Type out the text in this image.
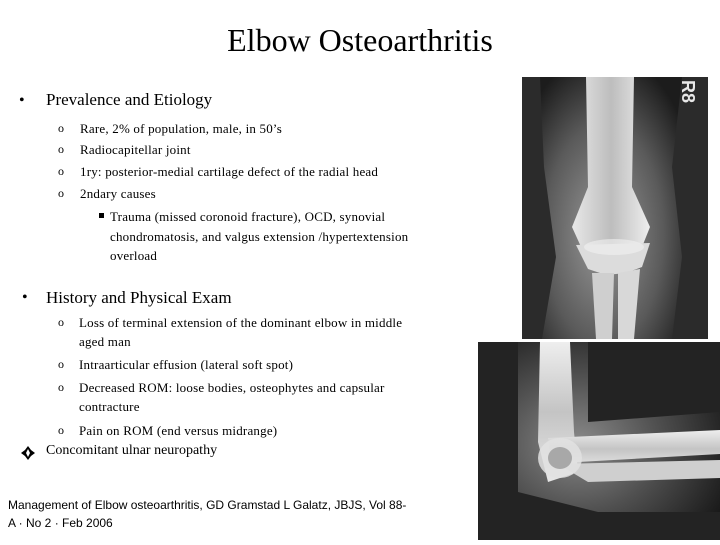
Elbow Osteoarthritis
• Prevalence and Etiology
o Rare, 2% of population, male, in 50’s
o Radiocapitellar joint
o 1ry: posterior-medial cartilage defect of the radial head
o 2ndary causes
Trauma (missed coronoid fracture), OCD, synovial
chondromatosis, and valgus extension /hypertextension
overload
• History and Physical Exam
o Loss of terminal extension of the dominant elbow in middle
aged man
o Intraarticular effusion (lateral soft spot)
o Decreased ROM: loose bodies, osteophytes and capsular
contracture
o Pain on ROM (end versus midrange)
Concomitant ulnar neuropathy
Management of Elbow osteoarthritis, GD Gramstad L Galatz, JBJS, Vol 88-
A · No 2 · Feb 2006
R8
